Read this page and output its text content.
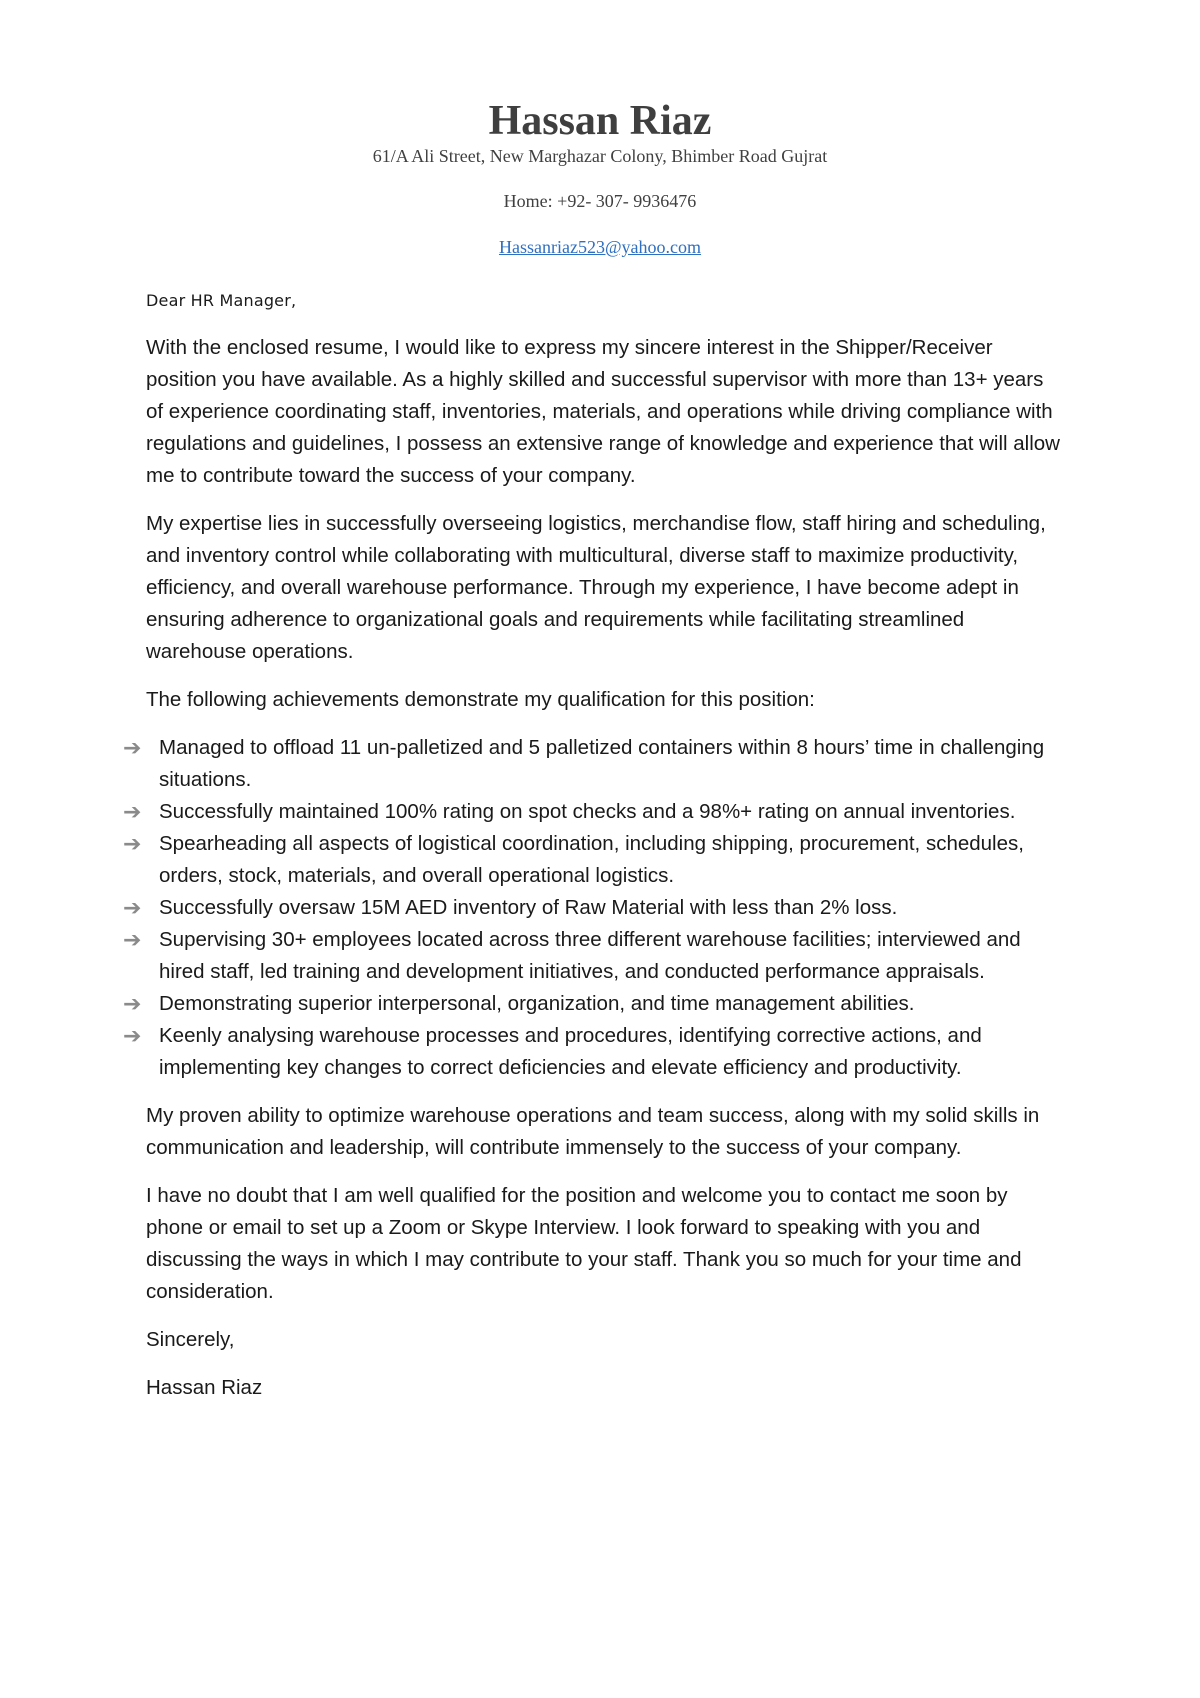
Hassan Riaz

61/A Ali Street, New Marghazar Colony, Bhimber Road Gujrat

Home: +92- 307- 9936476

Hassanriaz523@yahoo.com

Dear HR Manager,

With the enclosed resume, I would like to express my sincere interest in the Shipper/Receiver position you have available. As a highly skilled and successful supervisor with more than 13+ years of experience coordinating staff, inventories, materials, and operations while driving compliance with regulations and guidelines, I possess an extensive range of knowledge and experience that will allow me to contribute toward the success of your company.

My expertise lies in successfully overseeing logistics, merchandise flow, staff hiring and scheduling, and inventory control while collaborating with multicultural, diverse staff to maximize productivity, efficiency, and overall warehouse performance. Through my experience, I have become adept in ensuring adherence to organizational goals and requirements while facilitating streamlined warehouse operations.

The following achievements demonstrate my qualification for this position:

➔ Managed to offload 11 un-palletized and 5 palletized containers within 8 hours’ time in challenging situations.
➔ Successfully maintained 100% rating on spot checks and a 98%+ rating on annual inventories.
➔ Spearheading all aspects of logistical coordination, including shipping, procurement, schedules, orders, stock, materials, and overall operational logistics.
➔ Successfully oversaw 15M AED inventory of Raw Material with less than 2% loss.
➔ Supervising 30+ employees located across three different warehouse facilities; interviewed and hired staff, led training and development initiatives, and conducted performance appraisals.
➔ Demonstrating superior interpersonal, organization, and time management abilities.
➔ Keenly analysing warehouse processes and procedures, identifying corrective actions, and implementing key changes to correct deficiencies and elevate efficiency and productivity.

My proven ability to optimize warehouse operations and team success, along with my solid skills in communication and leadership, will contribute immensely to the success of your company.

I have no doubt that I am well qualified for the position and welcome you to contact me soon by phone or email to set up a Zoom or Skype Interview. I look forward to speaking with you and discussing the ways in which I may contribute to your staff. Thank you so much for your time and consideration.

Sincerely,

Hassan Riaz
